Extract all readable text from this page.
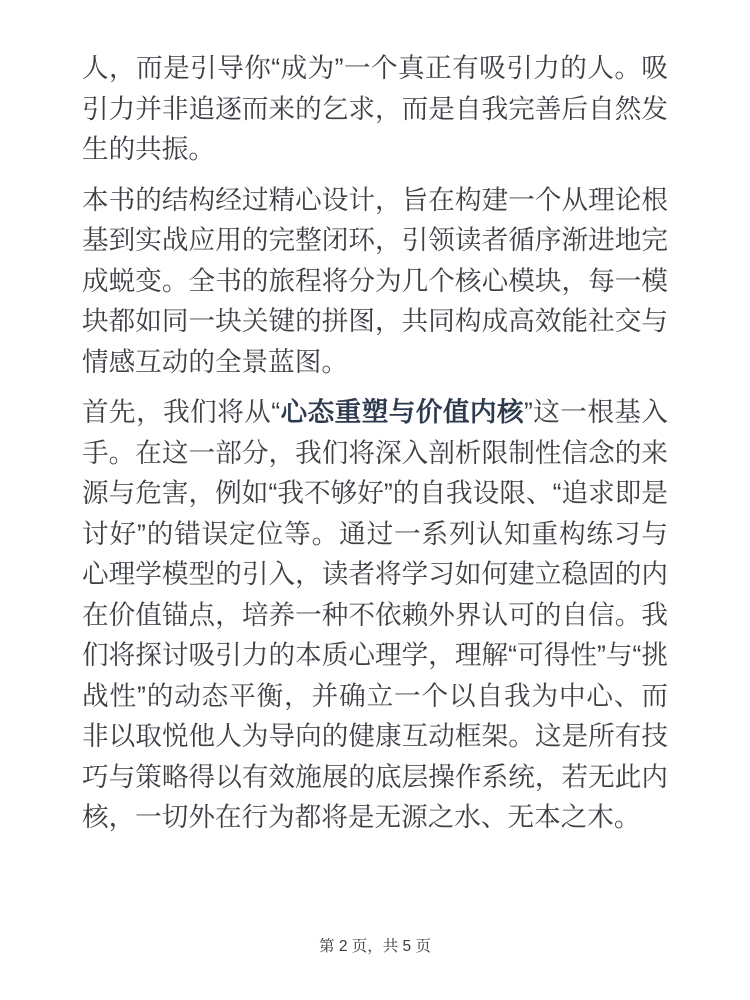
人，而是引导你“成为”一个真正有吸引力的人。吸引力并非追逐而来的乞求，而是自我完善后自然发生的共振。

本书的结构经过精心设计，旨在构建一个从理论根基到实战应用的完整闭环，引领读者循序渐进地完成蜕变。全书的旅程将分为几个核心模块，每一模块都如同一块关键的拼图，共同构成高效能社交与情感互动的全景蓝图。

首先，我们将从“心态重塑与价值内核”这一根基入手。在这一部分，我们将深入剖析限制性信念的来源与危害，例如“我不够好”的自我设限、“追求即是讨好”的错误定位等。通过一系列认知重构练习与心理学模型的引入，读者将学习如何建立稳固的内在价值锚点，培养一种不依赖外界认可的自信。我们将探讨吸引力的本质心理学，理解“可得性”与“挑战性”的动态平衡，并确立一个以自我为中心、而非以取悦他人为导向的健康互动框架。这是所有技巧与策略得以有效施展的底层操作系统，若无此内核，一切外在行为都将是无源之水、无本之木。

第 2 页，共 5 页
